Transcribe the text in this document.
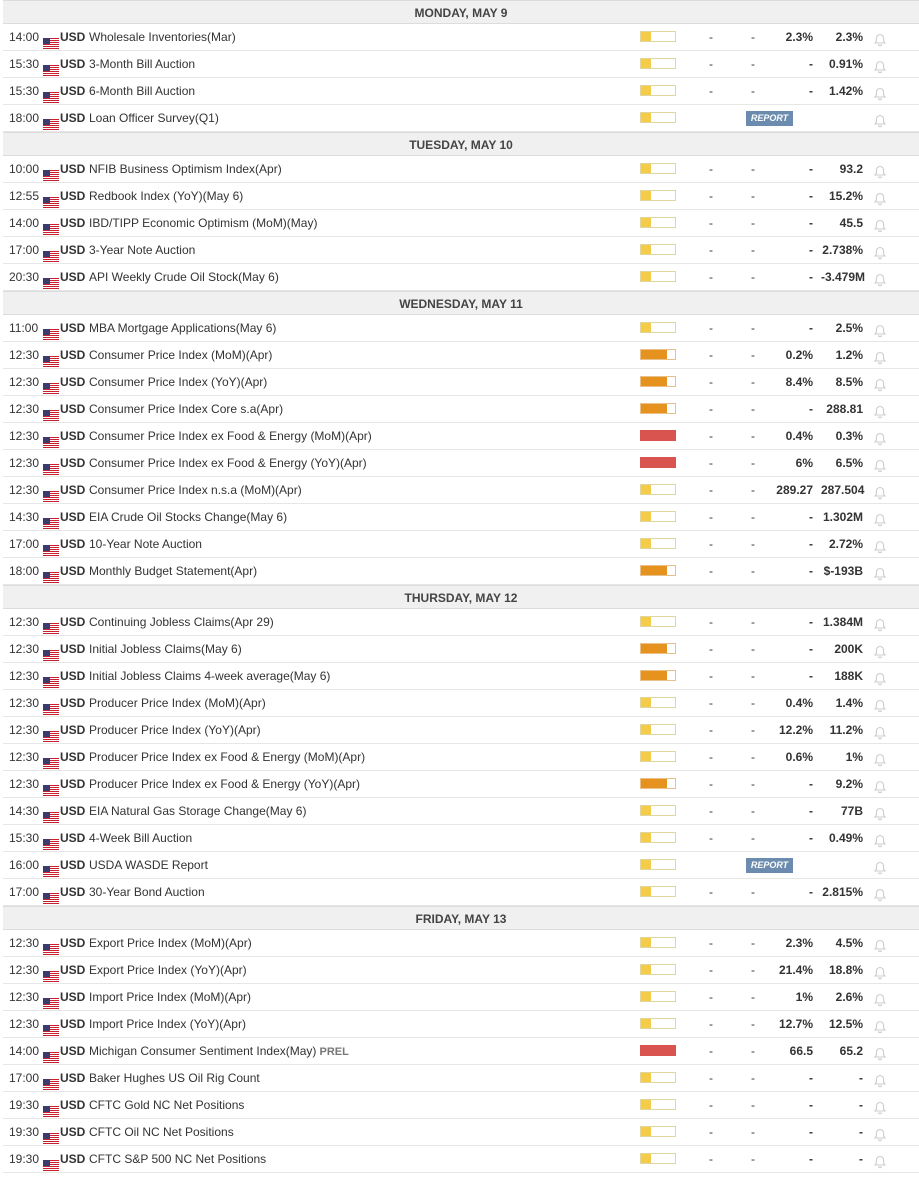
MONDAY, MAY 9
14:00	USD Wholesale Inventories(Mar)	-	-	2.3%	2.3%
15:30	USD 3-Month Bill Auction	-	-	-	0.91%
15:30	USD 6-Month Bill Auction	-	-	-	1.42%
18:00	USD Loan Officer Survey(Q1)	REPORT
TUESDAY, MAY 10
10:00	USD NFIB Business Optimism Index(Apr)	-	-	-	93.2
12:55	USD Redbook Index (YoY)(May 6)	-	-	-	15.2%
14:00	USD IBD/TIPP Economic Optimism (MoM)(May)	-	-	-	45.5
17:00	USD 3-Year Note Auction	-	-	- 2.738%
20:30	USD API Weekly Crude Oil Stock(May 6)	-	-	- -3.479M
WEDNESDAY, MAY 11
11:00	USD MBA Mortgage Applications(May 6)	-	-	-	2.5%
12:30	USD Consumer Price Index (MoM)(Apr)	-	-	0.2%	1.2%
12:30	USD Consumer Price Index (YoY)(Apr)	-	-	8.4%	8.5%
12:30	USD Consumer Price Index Core s.a(Apr)	-	-	-	288.81
12:30	USD Consumer Price Index ex Food & Energy (MoM)(Apr)	-	-	0.4%	0.3%
12:30	USD Consumer Price Index ex Food & Energy (YoY)(Apr)	-	-	6%	6.5%
12:30	USD Consumer Price Index n.s.a (MoM)(Apr)	-	-	289.27 287.504
14:30	USD EIA Crude Oil Stocks Change(May 6)	-	-	- 1.302M
17:00	USD 10-Year Note Auction	-	-	-	2.72%
18:00	USD Monthly Budget Statement(Apr)	-	-	- $-193B
THURSDAY, MAY 12
12:30	USD Continuing Jobless Claims(Apr 29)	-	-	- 1.384M
12:30	USD Initial Jobless Claims(May 6)	-	-	-	200K
12:30	USD Initial Jobless Claims 4-week average(May 6)	-	-	-	188K
12:30	USD Producer Price Index (MoM)(Apr)	-	-	0.4%	1.4%
12:30	USD Producer Price Index (YoY)(Apr)	-	-	12.2%	11.2%
12:30	USD Producer Price Index ex Food & Energy (MoM)(Apr)	-	-	0.6%	1%
12:30	USD Producer Price Index ex Food & Energy (YoY)(Apr)	-	-	-	9.2%
14:30	USD EIA Natural Gas Storage Change(May 6)	-	-	-	77B
15:30	USD 4-Week Bill Auction	-	-	-	0.49%
16:00	USD USDA WASDE Report	REPORT
17:00	USD 30-Year Bond Auction	-	-	- 2.815%
FRIDAY, MAY 13
12:30	USD Export Price Index (MoM)(Apr)	-	-	2.3%	4.5%
12:30	USD Export Price Index (YoY)(Apr)	-	-	21.4%	18.8%
12:30	USD Import Price Index (MoM)(Apr)	-	-	1%	2.6%
12:30	USD Import Price Index (YoY)(Apr)	-	-	12.7%	12.5%
14:00	USD Michigan Consumer Sentiment Index(May) PREL	-	-	66.5	65.2
17:00	USD Baker Hughes US Oil Rig Count	-	-	-	-
19:30	USD CFTC Gold NC Net Positions	-	-	-	-
19:30	USD CFTC Oil NC Net Positions	-	-	-	-
19:30	USD CFTC S&P 500 NC Net Positions	-	-	-	-
